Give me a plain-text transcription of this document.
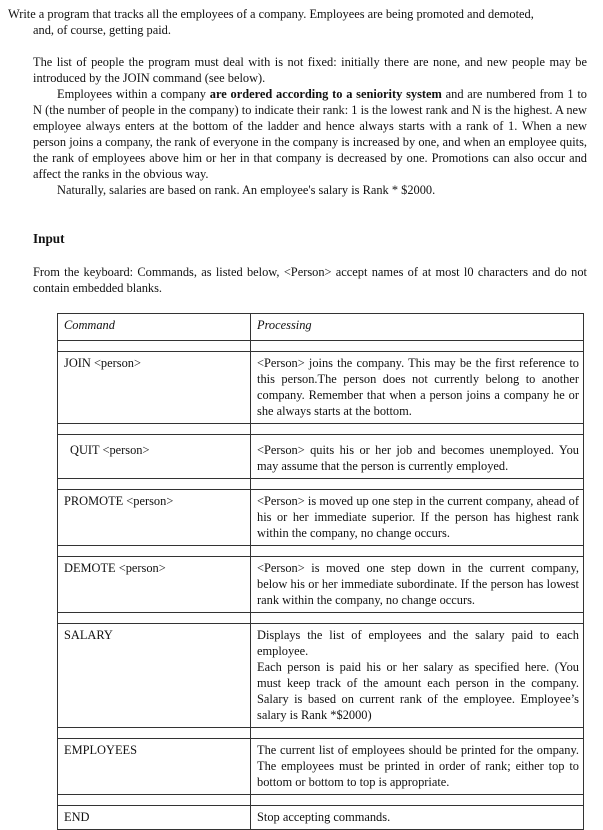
Write a program that tracks all the employees of a company. Employees are being promoted and demoted,
and, of course, getting paid.

The list of people the program must deal with is not fixed: initially there are none, and new people may be introduced by the JOIN command (see below).

Employees within a company are ordered according to a seniority system and are numbered from 1 to N (the number of people in the company) to indicate their rank: 1 is the lowest rank and N is the highest. A new employee always enters at the bottom of the ladder and hence always starts with a rank of 1. When a new person joins a company, the rank of everyone in the company is increased by one, and when an employee quits, the rank of employees above him or her in that company is decreased by one. Promotions can also occur and affect the ranks in the obvious way.

Naturally, salaries are based on rank. An employee's salary is Rank * $2000.

Input

From the keyboard: Commands, as listed below, <Person> accept names of at most l0 characters and do not contain embedded blanks.

Command	Processing

JOIN <person>	<Person> joins the company. This may be the first reference to this person.The person does not currently belong to another company. Remember that when a person joins a company he or she always starts at the bottom.

QUIT <person>	<Person> quits his or her job and becomes unemployed. You may assume that the person is currently employed.

PROMOTE <person>	<Person> is moved up one step in the current company, ahead of his or her immediate superior. If the person has highest rank within the company, no change occurs.

DEMOTE <person>	<Person> is moved one step down in the current company, below his or her immediate subordinate. If the person has lowest rank within the company, no change occurs.

SALARY	Displays the list of employees and the salary paid to each employee.
Each person is paid his or her salary as specified here. (You must keep track of the amount each person in the company. Salary is based on current rank of the employee. Employee’s salary is Rank *$2000)

EMPLOYEES	The current list of employees should be printed for the ompany. The employees must be printed in order of rank; either top to bottom or bottom to top is appropriate.

END	Stop accepting commands.
